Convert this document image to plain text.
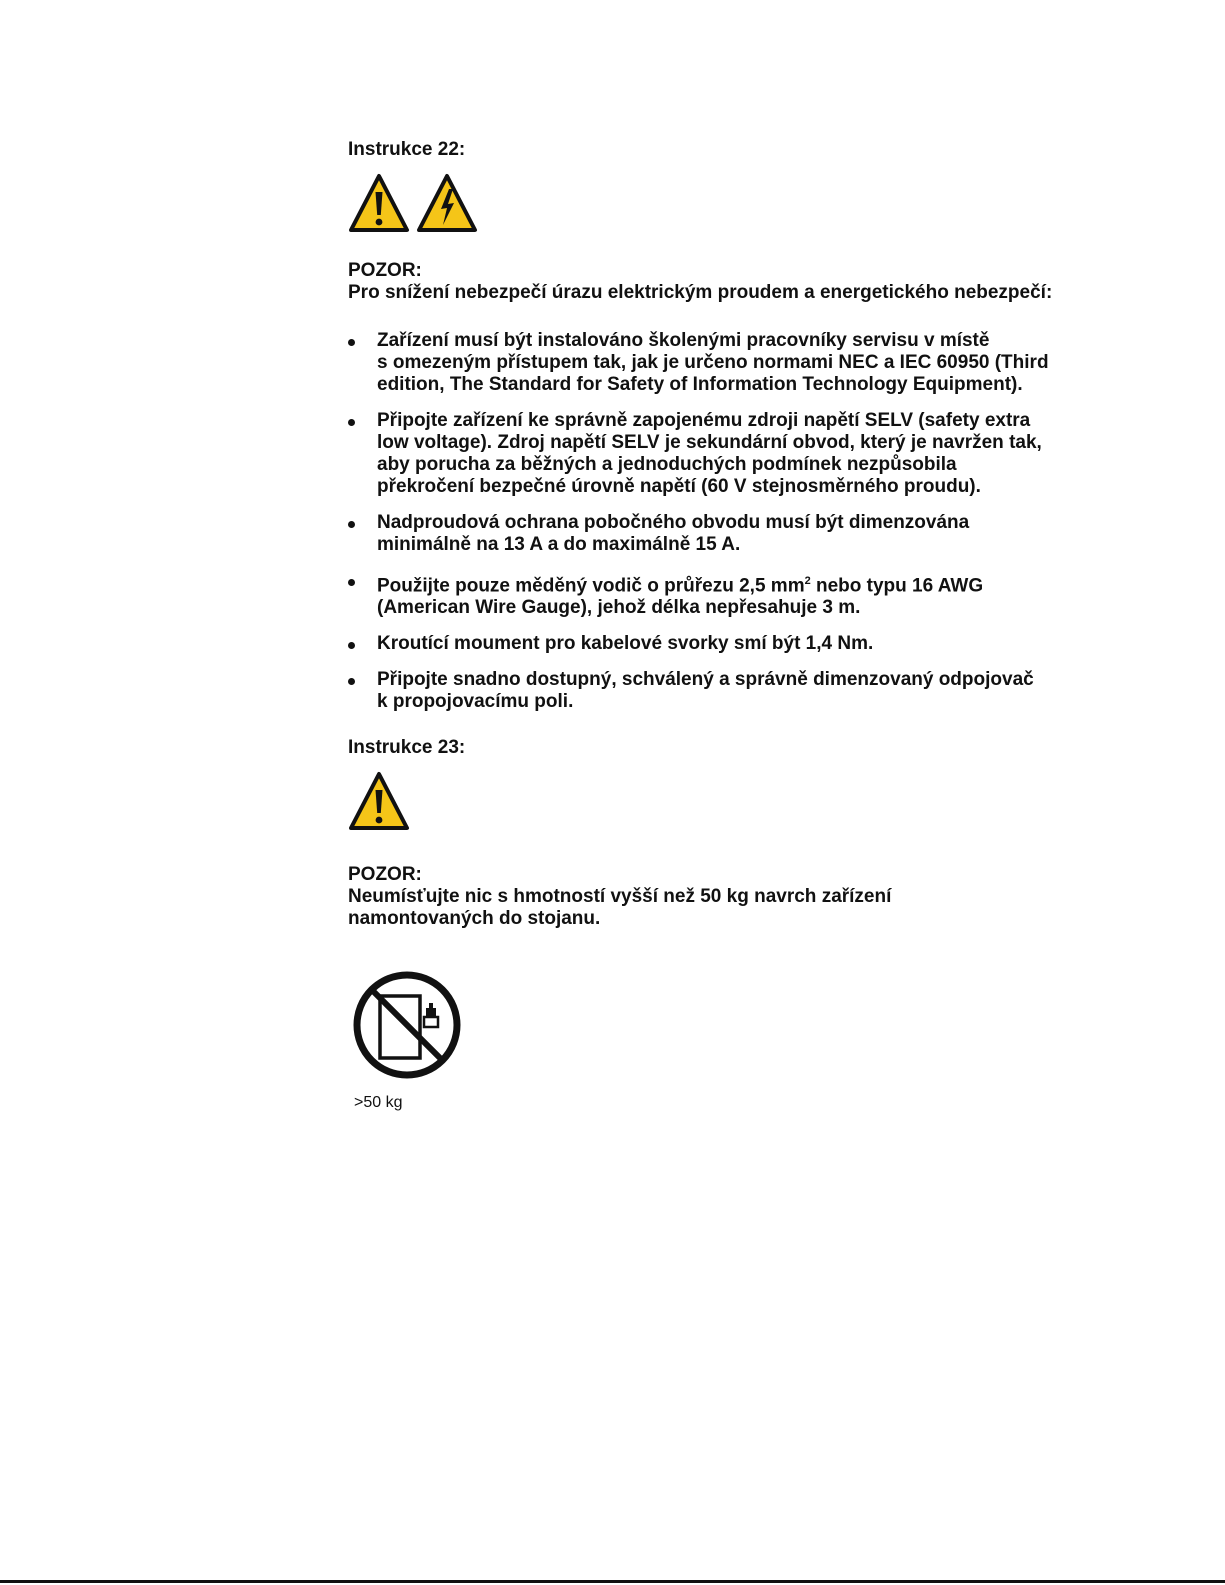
Instrukce 22:

POZOR:

Pro snížení nebezpečí úrazu elektrickým proudem a energetického nebezpečí:

Zařízení musí být instalováno školenými pracovníky servisu v místě
s omezeným přístupem tak, jak je určeno normami NEC a IEC 60950 (Third
edition, The Standard for Safety of Information Technology Equipment).
Připojte zařízení ke správně zapojenému zdroji napětí SELV (safety extra
low voltage). Zdroj napětí SELV je sekundární obvod, který je navržen tak,
aby porucha za běžných a jednoduchých podmínek nezpůsobila
překročení bezpečné úrovně napětí (60 V stejnosměrného proudu).
Nadproudová ochrana pobočného obvodu musí být dimenzována
minimálně na 13 A a do maximálně 15 A.
Použijte pouze měděný vodič o průřezu 2,5 $mm^2$ nebo typu 16 AWG
(American Wire Gauge), jehož délka nepřesahuje 3 m.
Kroutící moument pro kabelové svorky smí být 1,4 Nm.
Připojte snadno dostupný, schválený a správně dimenzovaný odpojovač
k propojovacímu poli.

Instrukce 23:

POZOR:

Neumísťujte nic s hmotností vyšší než 50 kg navrch zařízení

namontovaných do stojanu.

>50 kg
